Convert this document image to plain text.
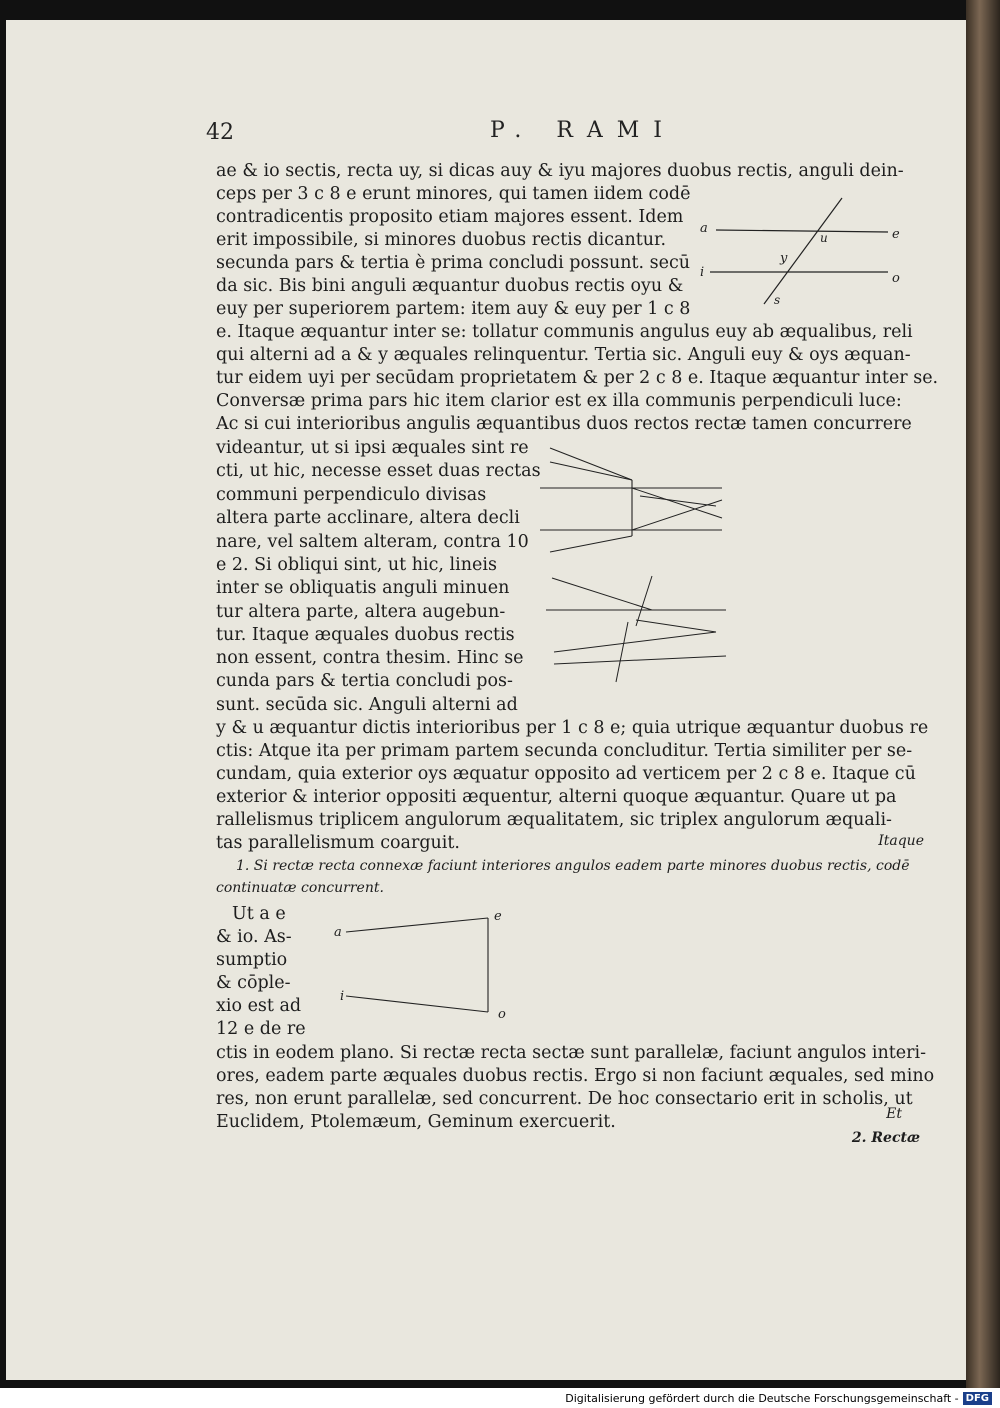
42	P. RAMI
ae & io sectis, recta uy, si dicas auy & iyu majores duobus rectis, anguli dein-
ceps per 3 c 8 e erunt minores, qui tamen iidem codē
contradicentis proposito etiam majores essent. Idem
erit impossibile, si minores duobus rectis dicantur.
secunda pars & tertia è prima concludi possunt. secū
da sic. Bis bini anguli æquantur duobus rectis oyu &
euy per superiorem partem: item auy & euy per 1 c 8
e. Itaque æquantur inter se: tollatur communis angulus euy ab æqualibus, reli
qui alterni ad a & y æquales relinquentur. Tertia sic. Anguli euy & oys æquan-
tur eidem uyi per secūdam proprietatem & per 2 c 8 e. Itaque æquantur inter se.
Conversæ prima pars hic item clarior est ex illa communis perpendiculi luce:
Ac si cui interioribus angulis æquantibus duos rectos rectæ tamen concurrere
videantur, ut si ipsi æquales sint re
cti, ut hic, necesse esset duas rectas
communi perpendiculo divisas
altera parte acclinare, altera decli
nare, vel saltem alteram, contra 10
e 2. Si obliqui sint, ut hic, lineis
inter se obliquatis anguli minuen
tur altera parte, altera augebun-
tur. Itaque æquales duobus rectis
non essent, contra thesim. Hinc se
cunda pars & tertia concludi pos-
sunt. secūda sic. Anguli alterni ad
y & u æquantur dictis interioribus per 1 c 8 e; quia utrique æquantur duobus re
ctis: Atque ita per primam partem secunda concluditur. Tertia similiter per se-
cundam, quia exterior oys æquatur opposito ad verticem per 2 c 8 e. Itaque cū
exterior & interior oppositi æquentur, alterni quoque æquantur. Quare ut pa
rallelismus triplicem angulorum æqualitatem, sic triplex angulorum æquali-
tas parallelismum coarguit.	Itaque
1. Si rectæ recta connexæ faciunt interiores angulos eadem parte minores duobus rectis, codē
continuatæ concurrent.
Ut a e
& io. As-
sumptio
& cōple-
xio est ad
12 e de re
ctis in eodem plano. Si rectæ recta sectæ sunt parallelæ, faciunt angulos interi-
ores, eadem parte æquales duobus rectis. Ergo si non faciunt æquales, sed mino
res, non erunt parallelæ, sed concurrent. De hoc consectario erit in scholis, ut
Euclidem, Ptolemæum, Geminum exercuerit.	Et
2. Rectæ
a	e
i	o
u
y
s
a
e
i
o
Digitalisierung gefördert durch die Deutsche Forschungsgemeinschaft - DFG
